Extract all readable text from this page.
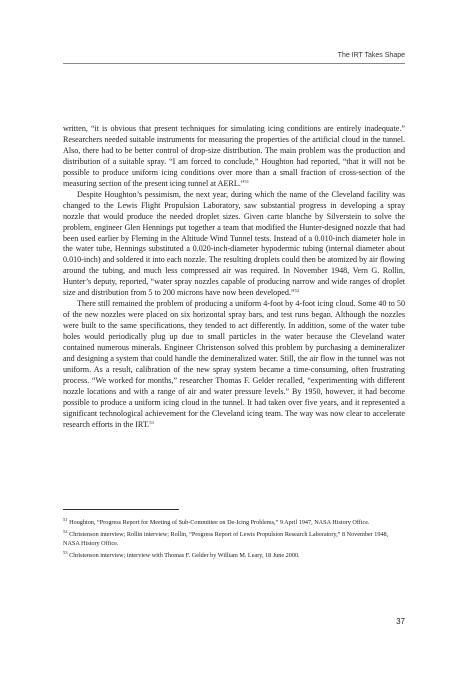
The IRT Takes Shape

written, “it is obvious that present techniques for simulating icing conditions are entirely inadequate.” Researchers needed suitable instruments for measuring the properties of the artificial cloud in the tunnel. Also, there had to be better control of drop-size distribution. The main problem was the production and distribution of a suitable spray. “I am forced to conclude,” Houghton had reported, “that it will not be possible to produce uniform icing conditions over more than a small fraction of cross-section of the measuring section of the present icing tunnel at AERL.”$^{51}$

Despite Houghton’s pessimism, the next year, during which the name of the Cleveland facility was changed to the Lewis Flight Propulsion Laboratory, saw substantial progress in developing a spray nozzle that would produce the needed droplet sizes. Given carte blanche by Silverstein to solve the problem, engineer Glen Hennings put together a team that modified the Hunter-designed nozzle that had been used earlier by Fleming in the Altitude Wind Tunnel tests. Instead of a 0.010-inch diameter hole in the water tube, Hennings substituted a 0.020-inch-diameter hypodermic tubing (internal diameter about 0.010-inch) and soldered it into each nozzle. The resulting droplets could then be atomized by air flowing around the tubing, and much less compressed air was required. In November 1948, Vern G. Rollin, Hunter’s deputy, reported, “water spray nozzles capable of producing narrow and wide ranges of droplet size and distribution from 5 to 200 microns have now been developed.”$^{52}$

There still remained the problem of producing a uniform 4-foot by 4-foot icing cloud. Some 40 to 50 of the new nozzles were placed on six horizontal spray bars, and test runs began. Although the nozzles were built to the same specifications, they tended to act differently. In addition, some of the water tube holes would periodically plug up due to small particles in the water because the Cleveland water contained numerous minerals. Engineer Christenson solved this problem by purchasing a demineralizer and designing a system that could handle the demineralized water. Still, the air flow in the tunnel was not uniform. As a result, calibration of the new spray system became a time-consuming, often frustrating process. “We worked for months,” researcher Thomas F. Gelder recalled, “experimenting with different nozzle locations and with a range of air and water pressure levels.” By 1950, however, it had become possible to produce a uniform icing cloud in the tunnel. It had taken over five years, and it represented a significant technological achievement for the Cleveland icing team. The way was now clear to accelerate research efforts in the IRT.$^{53}$

$^{51}$ Houghton, “Progress Report for Meeting of Sub-Committee on De-Icing Problems,” 9 April 1947, NASA History Office.

$^{52}$ Christenson interview; Rollin interview; Rollin, “Progress Report of Lewis Propulsion Research Laboratory,” 8 November 1948, NASA History Office.

$^{53}$ Christenson interview; interview with Thomas F. Gelder by William M. Leary, 18 June 2000.

37
